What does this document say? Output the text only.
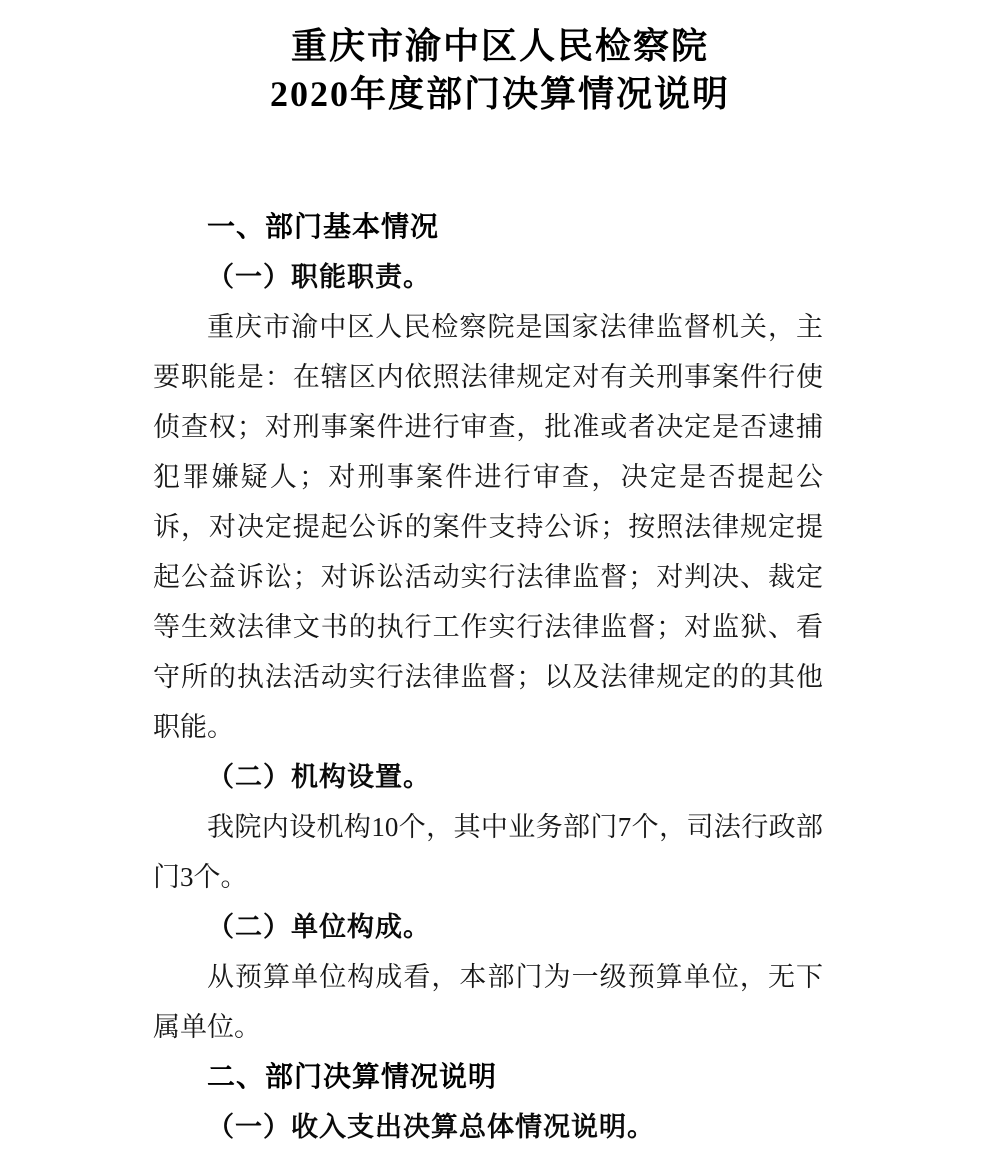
重庆市渝中区人民检察院
2020年度部门决算情况说明
一、部门基本情况
（一）职能职责。

重庆市渝中区人民检察院是国家法律监督机关，主要职能是：在辖区内依照法律规定对有关刑事案件行使侦查权；对刑事案件进行审查，批准或者决定是否逮捕犯罪嫌疑人；对刑事案件进行审查，决定是否提起公诉，对决定提起公诉的案件支持公诉；按照法律规定提起公益诉讼；对诉讼活动实行法律监督；对判决、裁定等生效法律文书的执行工作实行法律监督；对监狱、看守所的执法活动实行法律监督；以及法律规定的的其他职能。

（二）机构设置。

我院内设机构10个，其中业务部门7个，司法行政部门3个。

（二）单位构成。

从预算单位构成看，本部门为一级预算单位，无下属单位。

二、部门决算情况说明
（一）收入支出决算总体情况说明。
